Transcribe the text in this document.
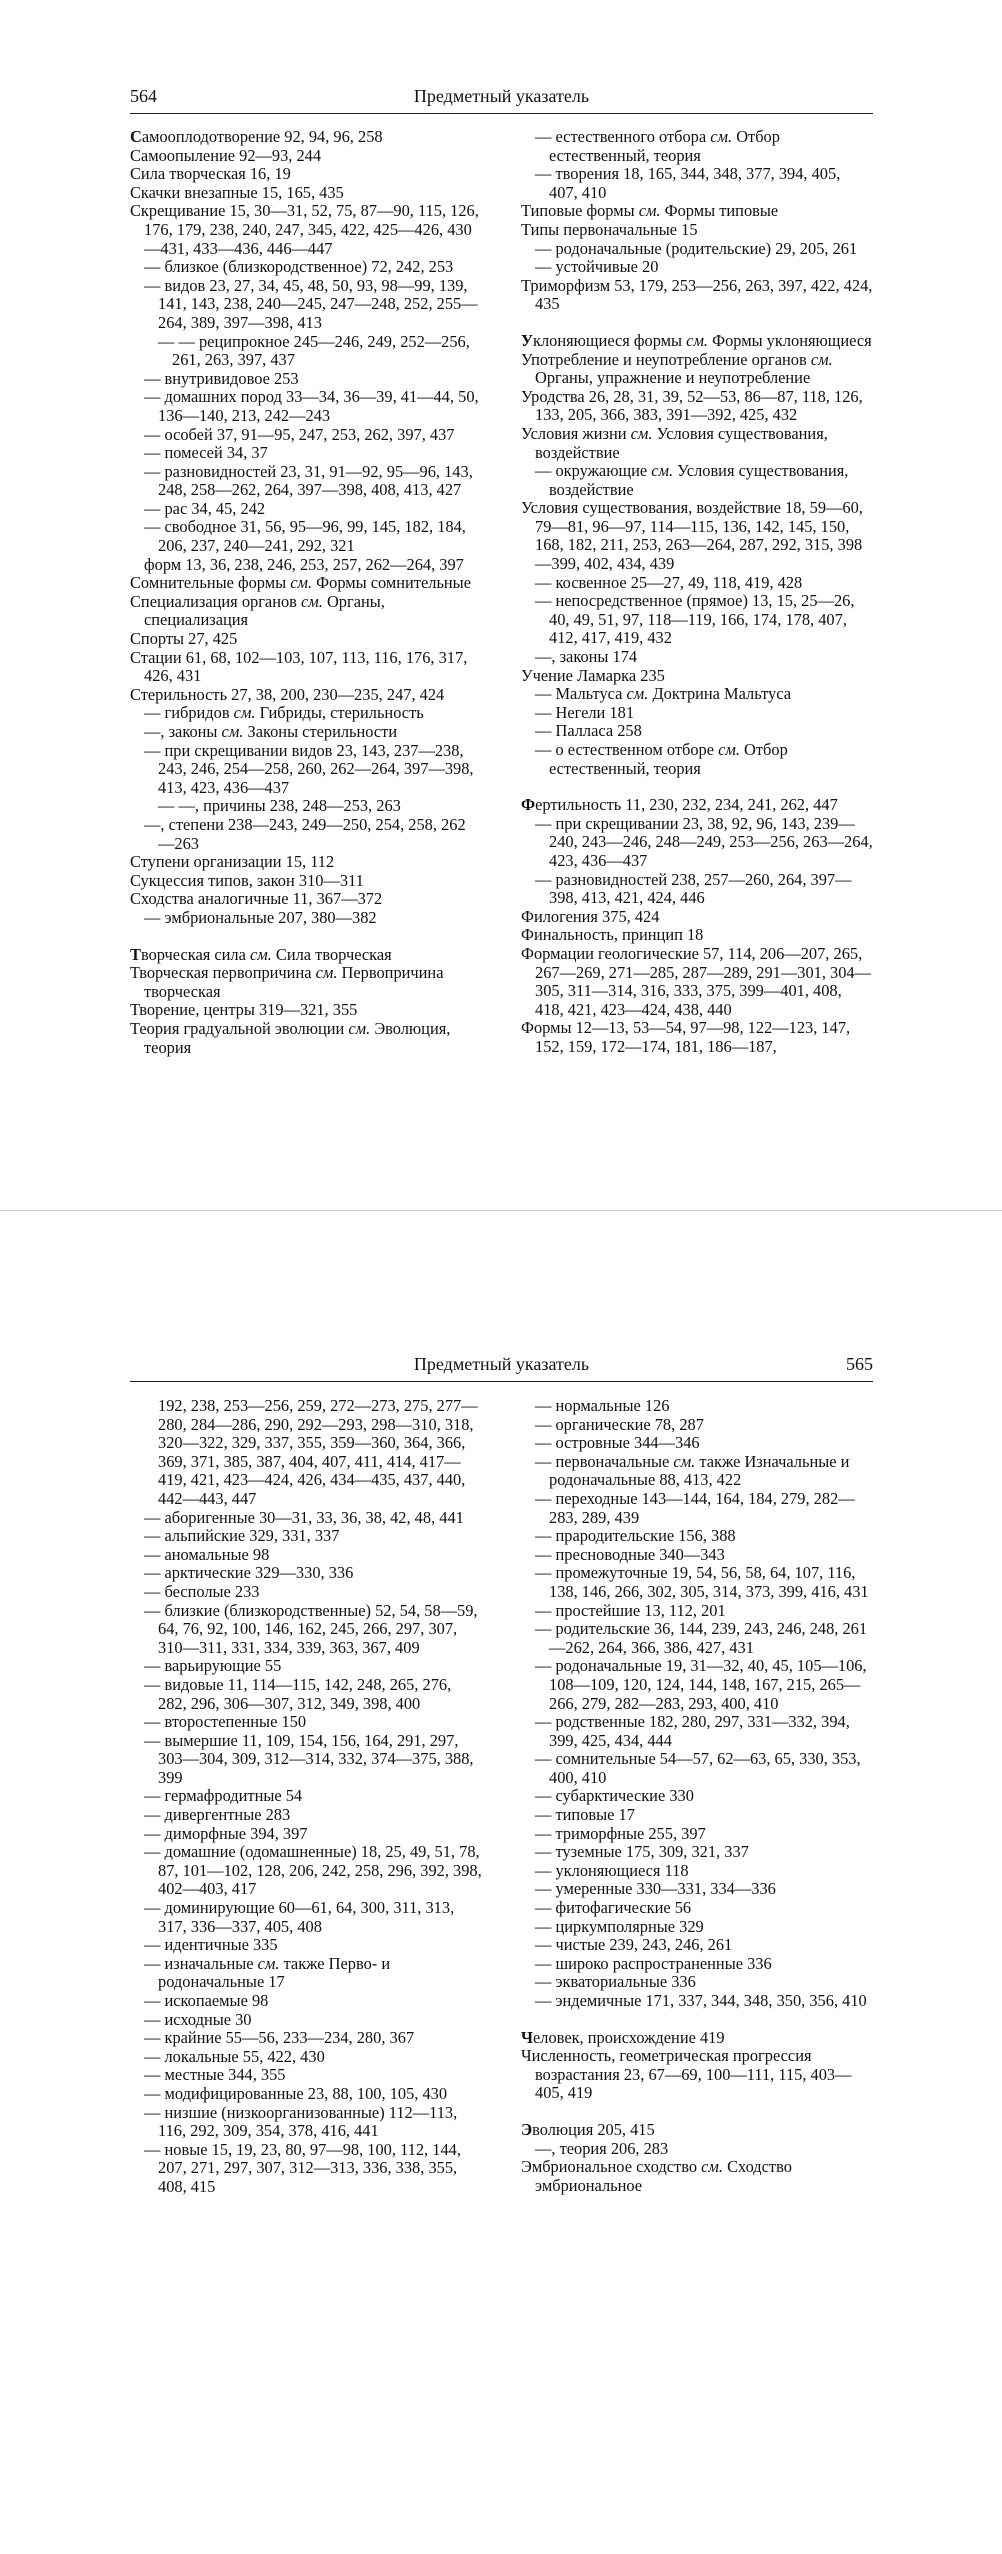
Предметный указатель
564

Самооплодотворение 92, 94, 96, 258

Самоопыление 92—93, 244

Сила творческая 16, 19

Скачки внезапные 15, 165, 435

Скрещивание 15, 30—31, 52, 75, 87—90, 115, 126, 176, 179, 238, 240, 247, 345, 422, 425—426, 430—431, 433—436, 446—447

— близкое (близкородственное) 72, 242, 253

— видов 23, 27, 34, 45, 48, 50, 93, 98—99, 139, 141, 143, 238, 240—245, 247—248, 252, 255—264, 389, 397—398, 413

— — реципрокное 245—246, 249, 252—256, 261, 263, 397, 437

— внутривидовое 253

— домашних пород 33—34, 36—39, 41—44, 50, 136—140, 213, 242—243

— особей 37, 91—95, 247, 253, 262, 397, 437

— помесей 34, 37

— разновидностей 23, 31, 91—92, 95—96, 143, 248, 258—262, 264, 397—398, 408, 413, 427

— рас 34, 45, 242

— свободное 31, 56, 95—96, 99, 145, 182, 184, 206, 237, 240—241, 292, 321

форм 13, 36, 238, 246, 253, 257, 262—264, 397

Сомнительные формы см. Формы сомнительные

Специализация органов см. Органы, специализация

Спорты 27, 425

Стации 61, 68, 102—103, 107, 113, 116, 176, 317, 426, 431

Стерильность 27, 38, 200, 230—235, 247, 424

— гибридов см. Гибриды, стерильность

—, законы см. Законы стерильности

— при скрещивании видов 23, 143, 237—238, 243, 246, 254—258, 260, 262—264, 397—398, 413, 423, 436—437

— —, причины 238, 248—253, 263

—, степени 238—243, 249—250, 254, 258, 262—263

Ступени организации 15, 112

Сукцессия типов, закон 310—311

Сходства аналогичные 11, 367—372

— эмбриональные 207, 380—382

Творческая сила см. Сила творческая

Творческая первопричина см. Первопричина творческая

Творение, центры 319—321, 355

Теория градуальной эволюции см. Эволюция, теория

— естественного отбора см. Отбор естественный, теория

— творения 18, 165, 344, 348, 377, 394, 405, 407, 410

Типовые формы см. Формы типовые

Типы первоначальные 15

— родоначальные (родительские) 29, 205, 261

— устойчивые 20

Триморфизм 53, 179, 253—256, 263, 397, 422, 424, 435

Уклоняющиеся формы см. Формы уклоняющиеся

Употребление и неупотребление органов см. Органы, упражнение и неупотребление

Уродства 26, 28, 31, 39, 52—53, 86—87, 118, 126, 133, 205, 366, 383, 391—392, 425, 432

Условия жизни см. Условия существования, воздействие

— окружающие см. Условия существования, воздействие

Условия существования, воздействие 18, 59—60, 79—81, 96—97, 114—115, 136, 142, 145, 150, 168, 182, 211, 253, 263—264, 287, 292, 315, 398—399, 402, 434, 439

— косвенное 25—27, 49, 118, 419, 428

— непосредственное (прямое) 13, 15, 25—26, 40, 49, 51, 97, 118—119, 166, 174, 178, 407, 412, 417, 419, 432

—, законы 174

Учение Ламарка 235

— Мальтуса см. Доктрина Мальтуса

— Негели 181

— Палласа 258

— о естественном отборе см. Отбор естественный, теория

Фертильность 11, 230, 232, 234, 241, 262, 447

— при скрещивании 23, 38, 92, 96, 143, 239—240, 243—246, 248—249, 253—256, 263—264, 423, 436—437

— разновидностей 238, 257—260, 264, 397—398, 413, 421, 424, 446

Филогения 375, 424

Финальность, принцип 18

Формации геологические 57, 114, 206—207, 265, 267—269, 271—285, 287—289, 291—301, 304—305, 311—314, 316, 333, 375, 399—401, 408, 418, 421, 423—424, 438, 440

Формы 12—13, 53—54, 97—98, 122—123, 147, 152, 159, 172—174, 181, 186—187,

Предметный указатель	565

192, 238, 253—256, 259, 272—273, 275, 277—280, 284—286, 290, 292—293, 298—310, 318, 320—322, 329, 337, 355, 359—360, 364, 366, 369, 371, 385, 387, 404, 407, 411, 414, 417—419, 421, 423—424, 426, 434—435, 437, 440, 442—443, 447

— аборигенные 30—31, 33, 36, 38, 42, 48, 441

— альпийские 329, 331, 337

— аномальные 98

— арктические 329—330, 336

— бесполые 233

— близкие (близкородственные) 52, 54, 58—59, 64, 76, 92, 100, 146, 162, 245, 266, 297, 307, 310—311, 331, 334, 339, 363, 367, 409

— варьирующие 55

— видовые 11, 114—115, 142, 248, 265, 276, 282, 296, 306—307, 312, 349, 398, 400

— второстепенные 150

— вымершие 11, 109, 154, 156, 164, 291, 297, 303—304, 309, 312—314, 332, 374—375, 388, 399

— гермафродитные 54

— дивергентные 283

— диморфные 394, 397

— домашние (одомашненные) 18, 25, 49, 51, 78, 87, 101—102, 128, 206, 242, 258, 296, 392, 398, 402—403, 417

— доминирующие 60—61, 64, 300, 311, 313, 317, 336—337, 405, 408

— идентичные 335

— изначальные см. также Перво- и родоначальные 17

— ископаемые 98

— исходные 30

— крайние 55—56, 233—234, 280, 367

— локальные 55, 422, 430

— местные 344, 355

— модифицированные 23, 88, 100, 105, 430

— низшие (низкоорганизованные) 112—113, 116, 292, 309, 354, 378, 416, 441

— новые 15, 19, 23, 80, 97—98, 100, 112, 144, 207, 271, 297, 307, 312—313, 336, 338, 355, 408, 415

— нормальные 126

— органические 78, 287

— островные 344—346

— первоначальные см. также Изначальные и родоначальные 88, 413, 422

— переходные 143—144, 164, 184, 279, 282—283, 289, 439

— прародительские 156, 388

— пресноводные 340—343

— промежуточные 19, 54, 56, 58, 64, 107, 116, 138, 146, 266, 302, 305, 314, 373, 399, 416, 431

— простейшие 13, 112, 201

— родительские 36, 144, 239, 243, 246, 248, 261—262, 264, 366, 386, 427, 431

— родоначальные 19, 31—32, 40, 45, 105—106, 108—109, 120, 124, 144, 148, 167, 215, 265—266, 279, 282—283, 293, 400, 410

— родственные 182, 280, 297, 331—332, 394, 399, 425, 434, 444

— сомнительные 54—57, 62—63, 65, 330, 353, 400, 410

— субарктические 330

— типовые 17

— триморфные 255, 397

— туземные 175, 309, 321, 337

— уклоняющиеся 118

— умеренные 330—331, 334—336

— фитофагические 56

— циркумполярные 329

— чистые 239, 243, 246, 261

— широко распространенные 336

— экваториальные 336

— эндемичные 171, 337, 344, 348, 350, 356, 410

Человек, происхождение 419

Численность, геометрическая прогрессия возрастания 23, 67—69, 100—111, 115, 403—405, 419

Эволюция 205, 415

—, теория 206, 283

Эмбриональное сходство см. Сходство эмбриональное
